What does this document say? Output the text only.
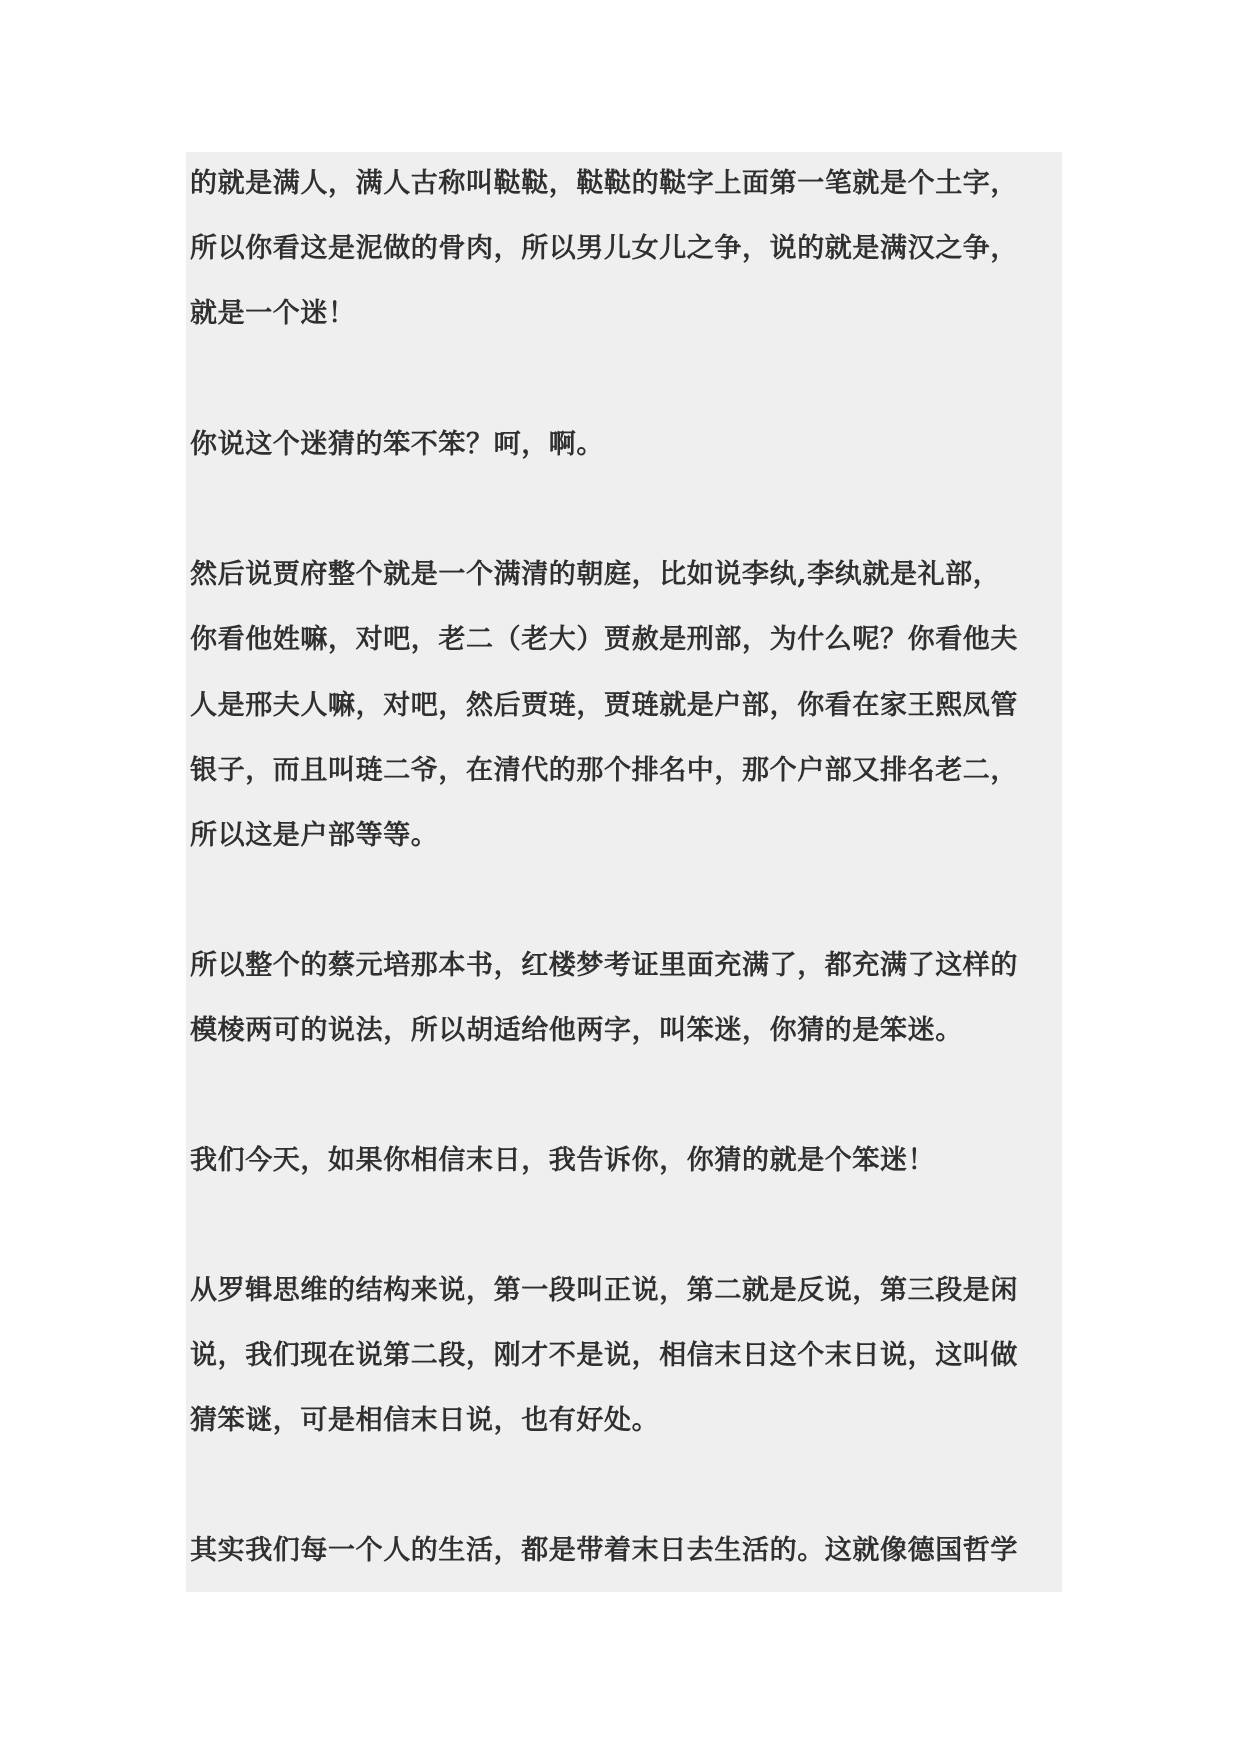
的就是满人，满人古称叫鞑鞑，鞑鞑的鞑字上面第一笔就是个土字，
所以你看这是泥做的骨肉，所以男儿女儿之争，说的就是满汉之争，
就是一个迷！
你说这个迷猜的笨不笨？呵，啊。
然后说贾府整个就是一个满清的朝庭，比如说李纨,李纨就是礼部，
你看他姓嘛，对吧，老二（老大）贾赦是刑部，为什么呢？你看他夫
人是邢夫人嘛，对吧，然后贾琏，贾琏就是户部，你看在家王熙凤管
银子，而且叫琏二爷，在清代的那个排名中，那个户部又排名老二，
所以这是户部等等。
所以整个的蔡元培那本书，红楼梦考证里面充满了，都充满了这样的
模棱两可的说法，所以胡适给他两字，叫笨迷，你猜的是笨迷。
我们今天，如果你相信末日，我告诉你，你猜的就是个笨迷！
从罗辑思维的结构来说，第一段叫正说，第二就是反说，第三段是闲
说，我们现在说第二段，刚才不是说，相信末日这个末日说，这叫做
猜笨谜，可是相信末日说，也有好处。
其实我们每一个人的生活，都是带着末日去生活的。这就像德国哲学
